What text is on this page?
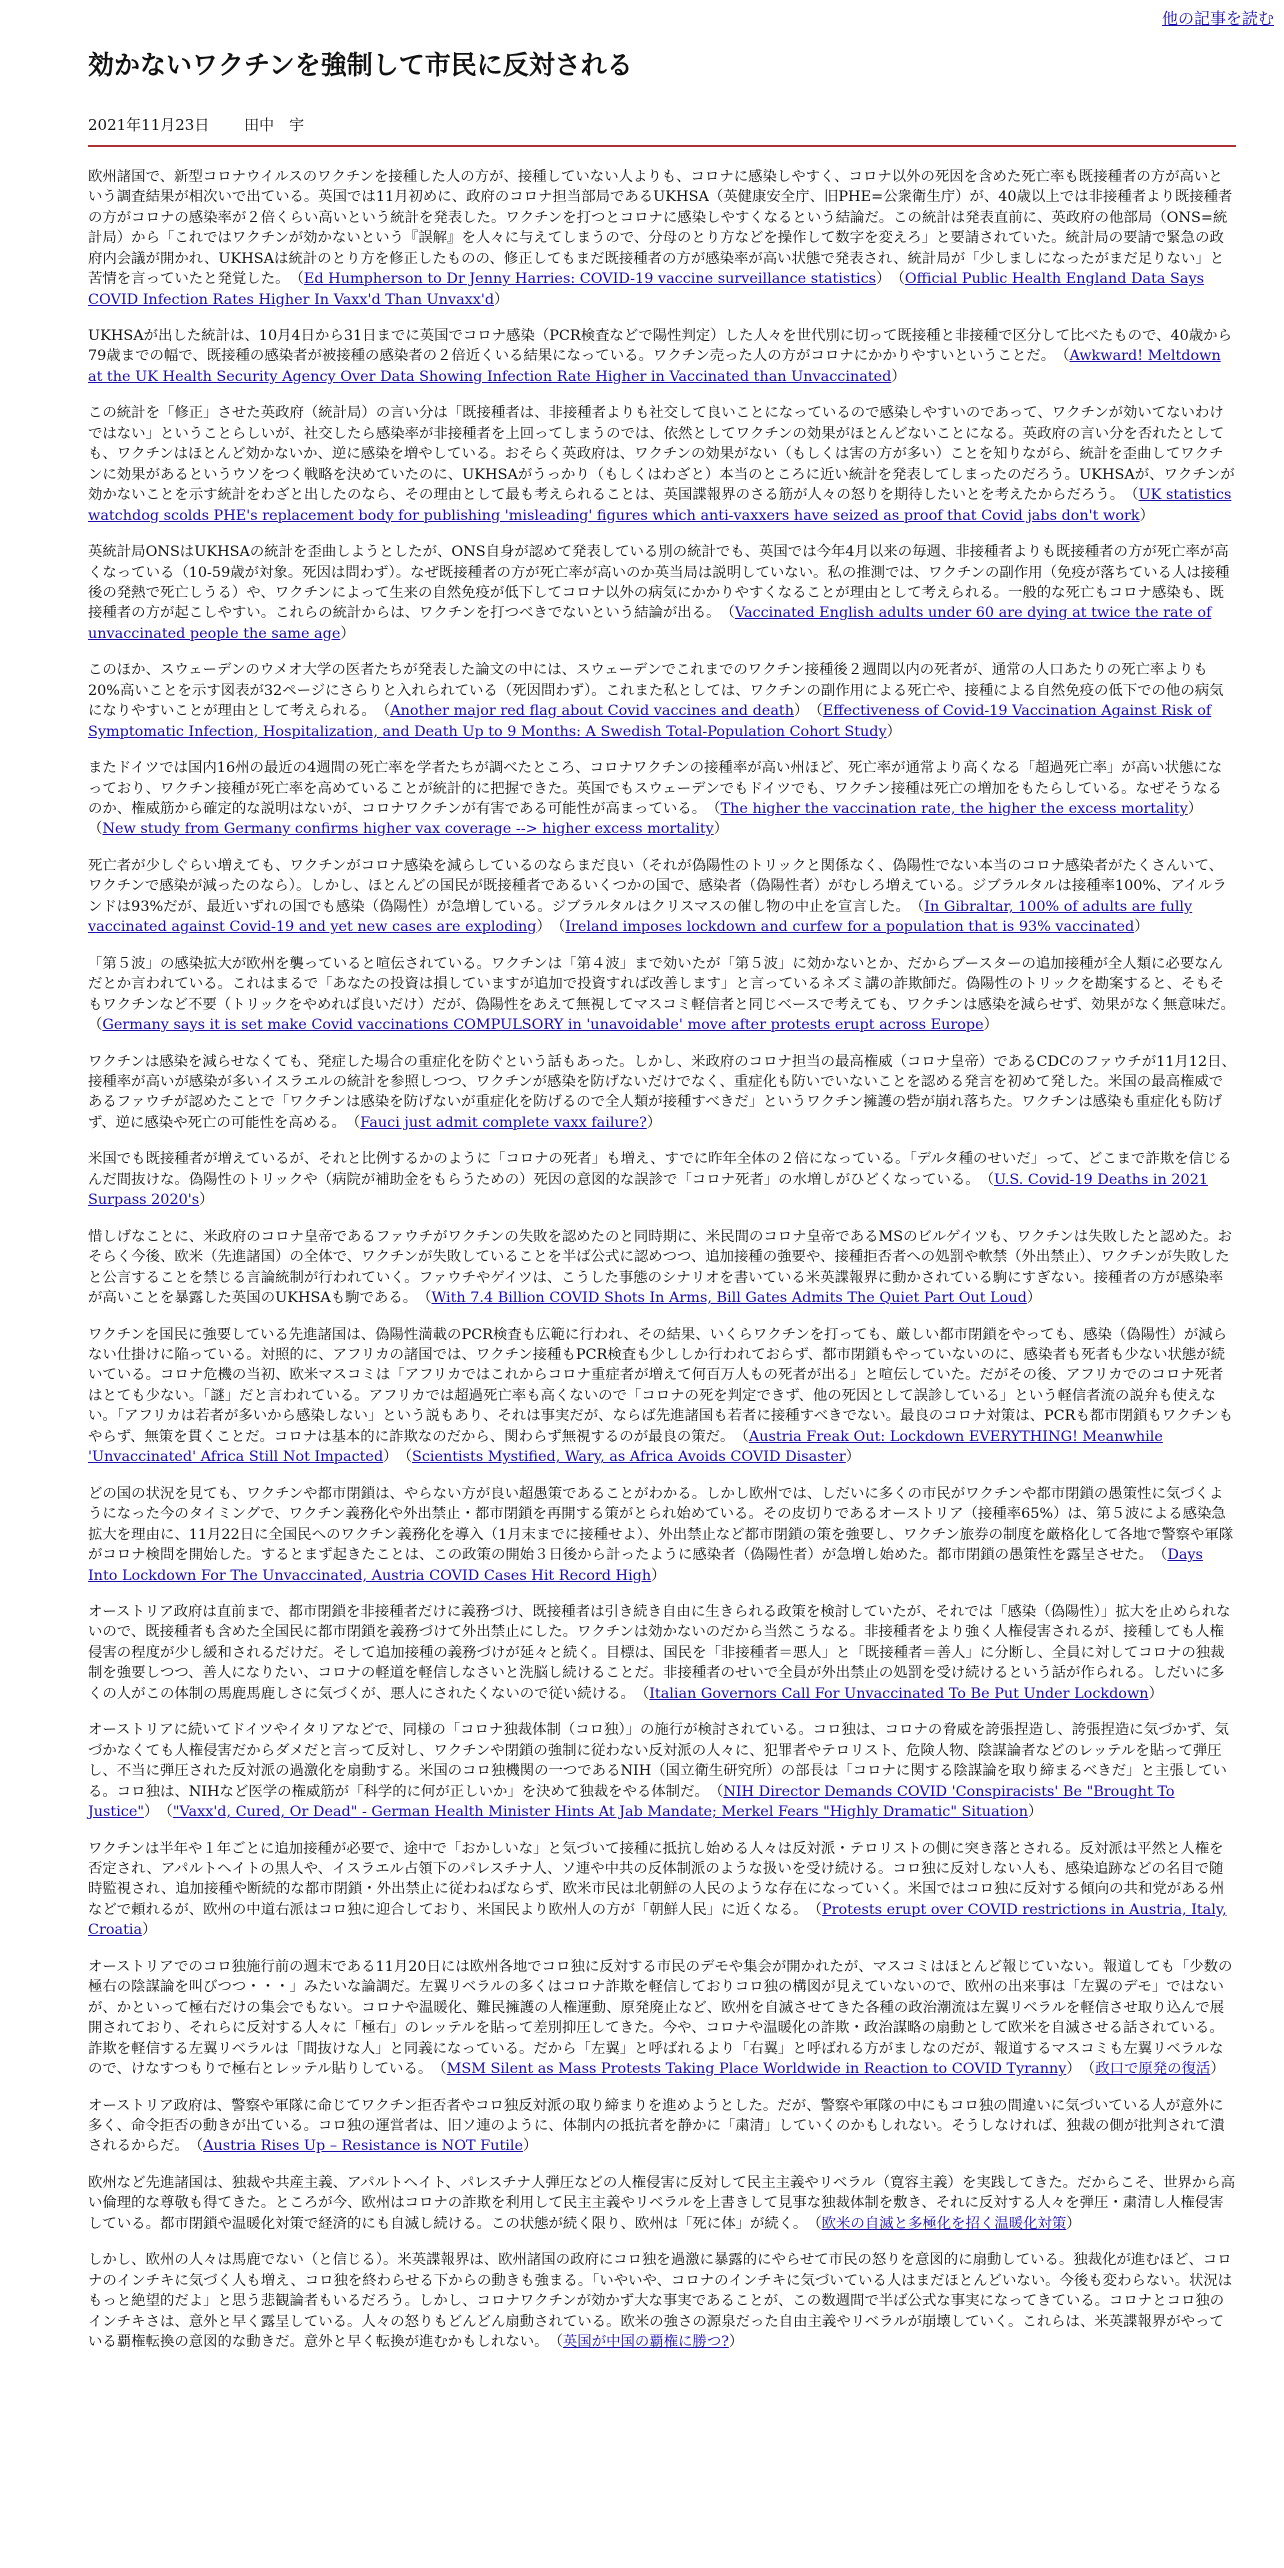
他の記事を読む
効かないワクチンを強制して市民に反対される
2021年11月23日 田中　宇

欧州諸国で、新型コロナウイルスのワクチンを接種した人の方が、接種していない人よりも、コロナに感染しやすく、コロナ以外の死因を含めた死亡率も既接種者の方が高いという調査結果が相次いで出ている。英国では11月初めに、政府のコロナ担当部局であるUKHSA（英健康安全庁、旧PHE=公衆衛生庁）が、40歳以上では非接種者より既接種者の方がコロナの感染率が２倍くらい高いという統計を発表した。ワクチンを打つとコロナに感染しやすくなるという結論だ。この統計は発表直前に、英政府の他部局（ONS=統計局）から「これではワクチンが効かないという『誤解』を人々に与えてしまうので、分母のとり方などを操作して数字を変えろ」と要請されていた。統計局の要請で緊急の政府内会議が開かれ、UKHSAは統計のとり方を修正したものの、修正してもまだ既接種者の方が感染率が高い状態で発表され、統計局が「少しましになったがまだ足りない」と苦情を言っていたと発覚した。　（Ed Humpherson to Dr Jenny Harries: COVID-19 vaccine surveillance statistics）　（Official Public Health England Data Says COVID Infection Rates Higher In Vaxx'd Than Unvaxx'd）

UKHSAが出した統計は、10月4日から31日までに英国でコロナ感染（PCR検査などで陽性判定）した人々を世代別に切って既接種と非接種で区分して比べたもので、40歳から79歳までの幅で、既接種の感染者が被接種の感染者の２倍近くいる結果になっている。ワクチン売った人の方がコロナにかかりやすいということだ。　（Awkward! Meltdown at the UK Health Security Agency Over Data Showing Infection Rate Higher in Vaccinated than Unvaccinated）

この統計を「修正」させた英政府（統計局）の言い分は「既接種者は、非接種者よりも社交して良いことになっているので感染しやすいのであって、ワクチンが効いてないわけではない」ということらしいが、社交したら感染率が非接種者を上回ってしまうのでは、依然としてワクチンの効果がほとんどないことになる。英政府の言い分を否れたとしても、ワクチンはほとんど効かないか、逆に感染を増やしている。おそらく英政府は、ワクチンの効果がない（もしくは害の方が多い）ことを知りながら、統計を歪曲してワクチンに効果があるというウソをつく戦略を決めていたのに、UKHSAがうっかり（もしくはわざと）本当のところに近い統計を発表してしまったのだろう。UKHSAが、ワクチンが効かないことを示す統計をわざと出したのなら、その理由として最も考えられることは、英国諜報界のさる筋が人々の怒りを期待したいとを考えたからだろう。　（UK statistics watchdog scolds PHE's replacement body for publishing 'misleading' figures which anti-vaxxers have seized as proof that Covid jabs don't work）

英統計局ONSはUKHSAの統計を歪曲しようとしたが、ONS自身が認めて発表している別の統計でも、英国では今年4月以来の毎週、非接種者よりも既接種者の方が死亡率が高くなっている（10-59歳が対象。死因は問わず）。なぜ既接種者の方が死亡率が高いのか英当局は説明していない。私の推測では、ワクチンの副作用（免疫が落ちている人は接種後の発熱で死亡しうる）や、ワクチンによって生来の自然免疫が低下してコロナ以外の病気にかかりやすくなることが理由として考えられる。一般的な死亡もコロナ感染も、既接種者の方が起こしやすい。これらの統計からは、ワクチンを打つべきでないという結論が出る。　（Vaccinated English adults under 60 are dying at twice the rate of unvaccinated people the same age）

このほか、スウェーデンのウメオ大学の医者たちが発表した論文の中には、スウェーデンでこれまでのワクチン接種後２週間以内の死者が、通常の人口あたりの死亡率よりも20%高いことを示す図表が32ページにさらりと入れられている（死因問わず）。これまた私としては、ワクチンの副作用による死亡や、接種による自然免疫の低下での他の病気になりやすいことが理由として考えられる。　（Another major red flag about Covid vaccines and death）　（Effectiveness of Covid-19 Vaccination Against Risk of Symptomatic Infection, Hospitalization, and Death Up to 9 Months: A Swedish Total-Population Cohort Study）

またドイツでは国内16州の最近の4週間の死亡率を学者たちが調べたところ、コロナワクチンの接種率が高い州ほど、死亡率が通常より高くなる「超過死亡率」が高い状態になっており、ワクチン接種が死亡率を高めていることが統計的に把握できた。英国でもスウェーデンでもドイツでも、ワクチン接種は死亡の増加をもたらしている。なぜそうなるのか、権威筋から確定的な説明はないが、コロナワクチンが有害である可能性が高まっている。　（The higher the vaccination rate, the higher the excess mortality）　（New study from Germany confirms higher vax coverage --> higher excess mortality）

死亡者が少しぐらい増えても、ワクチンがコロナ感染を減らしているのならまだ良い（それが偽陽性のトリックと関係なく、偽陽性でない本当のコロナ感染者がたくさんいて、ワクチンで感染が減ったのなら）。しかし、ほとんどの国民が既接種者であるいくつかの国で、感染者（偽陽性者）がむしろ増えている。ジブラルタルは接種率100%、アイルランドは93%だが、最近いずれの国でも感染（偽陽性）が急増している。ジブラルタルはクリスマスの催し物の中止を宣言した。　（In Gibraltar, 100% of adults are fully vaccinated against Covid-19 and yet new cases are exploding）　（Ireland imposes lockdown and curfew for a population that is 93% vaccinated）

「第５波」の感染拡大が欧州を襲っていると喧伝されている。ワクチンは「第４波」まで効いたが「第５波」に効かないとか、だからブースターの追加接種が全人類に必要なんだとか言われている。これはまるで「あなたの投資は損していますが追加で投資すれば改善します」と言っているネズミ講の詐欺師だ。偽陽性のトリックを勘案すると、そもそもワクチンなど不要（トリックをやめれば良いだけ）だが、偽陽性をあえて無視してマスコミ軽信者と同じベースで考えても、ワクチンは感染を減らせず、効果がなく無意味だ。　（Germany says it is set make Covid vaccinations COMPULSORY in 'unavoidable' move after protests erupt across Europe）

ワクチンは感染を減らせなくても、発症した場合の重症化を防ぐという話もあった。しかし、米政府のコロナ担当の最高権威（コロナ皇帝）であるCDCのファウチが11月12日、接種率が高いが感染が多いイスラエルの統計を参照しつつ、ワクチンが感染を防げないだけでなく、重症化も防いでいないことを認める発言を初めて発した。米国の最高権威であるファウチが認めたことで「ワクチンは感染を防げないが重症化を防げるので全人類が接種すべきだ」というワクチン擁護の砦が崩れ落ちた。ワクチンは感染も重症化も防げず、逆に感染や死亡の可能性を高める。　（Fauci just admit complete vaxx failure?）

米国でも既接種者が増えているが、それと比例するかのように「コロナの死者」も増え、すでに昨年全体の２倍になっている。「デルタ種のせいだ」って、どこまで詐欺を信じるんだ間抜けな。偽陽性のトリックや（病院が補助金をもらうための）死因の意図的な誤診で「コロナ死者」の水増しがひどくなっている。　（U.S. Covid-19 Deaths in 2021 Surpass 2020's）

惜しげなことに、米政府のコロナ皇帝であるファウチがワクチンの失敗を認めたのと同時期に、米民間のコロナ皇帝であるMSのビルゲイツも、ワクチンは失敗したと認めた。おそらく今後、欧米（先進諸国）の全体で、ワクチンが失敗していることを半ば公式に認めつつ、追加接種の強要や、接種拒否者への処罰や軟禁（外出禁止）、ワクチンが失敗したと公言することを禁じる言論統制が行われていく。ファウチやゲイツは、こうした事態のシナリオを書いている米英諜報界に動かされている駒にすぎない。接種者の方が感染率が高いことを暴露した英国のUKHSAも駒である。　（With 7.4 Billion COVID Shots In Arms, Bill Gates Admits The Quiet Part Out Loud）

ワクチンを国民に強要している先進諸国は、偽陽性満載のPCR検査も広範に行われ、その結果、いくらワクチンを打っても、厳しい都市閉鎖をやっても、感染（偽陽性）が減らない仕掛けに陥っている。対照的に、アフリカの諸国では、ワクチン接種もPCR検査も少ししか行われておらず、都市閉鎖もやっていないのに、感染者も死者も少ない状態が続いている。コロナ危機の当初、欧米マスコミは「アフリカではこれからコロナ重症者が増えて何百万人もの死者が出る」と喧伝していた。だがその後、アフリカでのコロナ死者はとても少ない。「謎」だと言われている。アフリカでは超過死亡率も高くないので「コロナの死を判定できず、他の死因として誤診している」という軽信者流の説弁も使えない。「アフリカは若者が多いから感染しない」という説もあり、それは事実だが、ならば先進諸国も若者に接種すべきでない。最良のコロナ対策は、PCRも都市閉鎖もワクチンもやらず、無策を貫くことだ。コロナは基本的に詐欺なのだから、関わらず無視するのが最良の策だ。　（Austria Freak Out: Lockdown EVERYTHING! Meanwhile 'Unvaccinated' Africa Still Not Impacted）　（Scientists Mystified, Wary, as Africa Avoids COVID Disaster）

どの国の状況を見ても、ワクチンや都市閉鎖は、やらない方が良い超愚策であることがわかる。しかし欧州では、しだいに多くの市民がワクチンや都市閉鎖の愚策性に気づくようになった今のタイミングで、ワクチン義務化や外出禁止・都市閉鎖を再開する策がとられ始めている。その皮切りであるオーストリア（接種率65%）は、第５波による感染急拡大を理由に、11月22日に全国民へのワクチン義務化を導入（1月末までに接種せよ）、外出禁止など都市閉鎖の策を強要し、ワクチン旅券の制度を厳格化して各地で警察や軍隊がコロナ検問を開始した。するとまず起きたことは、この政策の開始３日後から計ったように感染者（偽陽性者）が急増し始めた。都市閉鎖の愚策性を露呈させた。　（Days Into Lockdown For The Unvaccinated, Austria COVID Cases Hit Record High）

オーストリア政府は直前まで、都市閉鎖を非接種者だけに義務づけ、既接種者は引き続き自由に生きられる政策を検討していたが、それでは「感染（偽陽性）」拡大を止められないので、既接種者も含めた全国民に都市閉鎖を義務づけて外出禁止にした。ワクチンは効かないのだから当然こうなる。非接種者をより強く人権侵害されるが、接種しても人権侵害の程度が少し緩和されるだけだ。そして追加接種の義務づけが延々と続く。目標は、国民を「非接種者＝悪人」と「既接種者＝善人」に分断し、全員に対してコロナの独裁制を強要しつつ、善人になりたい、コロナの軽道を軽信しなさいと洗脳し続けることだ。非接種者のせいで全員が外出禁止の処罰を受け続けるという話が作られる。しだいに多くの人がこの体制の馬鹿馬鹿しさに気づくが、悪人にされたくないので従い続ける。　（Italian Governors Call For Unvaccinated To Be Put Under Lockdown）

オーストリアに続いてドイツやイタリアなどで、同様の「コロナ独裁体制（コロ独）」の施行が検討されている。コロ独は、コロナの脅威を誇張捏造し、誇張捏造に気づかず、気づかなくても人権侵害だからダメだと言って反対し、ワクチンや閉鎖の強制に従わない反対派の人々に、犯罪者やテロリスト、危険人物、陰謀論者などのレッテルを貼って弾圧し、不当に弾圧された反対派の過激化を扇動する。米国のコロ独機関の一つであるNIH（国立衛生研究所）の部長は「コロナに関する陰謀論を取り締まるべきだ」と主張している。コロ独は、NIHなど医学の権威筋が「科学的に何が正しいか」を決めて独裁をやる体制だ。　（NIH Director Demands COVID 'Conspiracists' Be "Brought To Justice"）　（"Vaxx'd, Cured, Or Dead" - German Health Minister Hints At Jab Mandate; Merkel Fears "Highly Dramatic" Situation）

ワクチンは半年や１年ごとに追加接種が必要で、途中で「おかしいな」と気づいて接種に抵抗し始める人々は反対派・テロリストの側に突き落とされる。反対派は平然と人権を否定され、アパルトヘイトの黒人や、イスラエル占領下のパレスチナ人、ソ連や中共の反体制派のような扱いを受け続ける。コロ独に反対しない人も、感染追跡などの名目で随時監視され、追加接種や断続的な都市閉鎖・外出禁止に従わねばならず、欧米市民は北朝鮮の人民のような存在になっていく。米国ではコロ独に反対する傾向の共和党がある州などで頼れるが、欧州の中道右派はコロ独に迎合しており、米国民より欧州人の方が「朝鮮人民」に近くなる。　（Protests erupt over COVID restrictions in Austria, Italy, Croatia）

オーストリアでのコロ独施行前の週末である11月20日には欧州各地でコロ独に反対する市民のデモや集会が開かれたが、マスコミはほとんど報じていない。報道しても「少数の極右の陰謀論を叫びつつ・・・」みたいな論調だ。左翼リベラルの多くはコロナ詐欺を軽信しておりコロ独の構図が見えていないので、欧州の出来事は「左翼のデモ」ではないが、かといって極右だけの集会でもない。コロナや温暖化、難民擁護の人権運動、原発廃止など、欧州を自滅させてきた各種の政治潮流は左翼リベラルを軽信させ取り込んで展開されており、それらに反対する人々に「極右」のレッテルを貼って差別抑圧してきた。今や、コロナや温暖化の詐欺・政治謀略の扇動として欧米を自滅させる話されている。詐欺を軽信する左翼リベラルは「間抜けな人」と同義になっている。だから「左翼」と呼ばれるより「右翼」と呼ばれる方がましなのだが、報道するマスコミも左翼リベラルなので、けなすつもりで極右とレッテル貼りしている。　（MSM Silent as Mass Protests Taking Place Worldwide in Reaction to COVID Tyranny）　（政口で原発の復活）

オーストリア政府は、警察や軍隊に命じてワクチン拒否者やコロ独反対派の取り締まりを進めようとした。だが、警察や軍隊の中にもコロ独の間違いに気づいている人が意外に多く、命令拒否の動きが出ている。コロ独の運営者は、旧ソ連のように、体制内の抵抗者を静かに「粛清」していくのかもしれない。そうしなければ、独裁の側が批判されて潰されるからだ。　（Austria Rises Up – Resistance is NOT Futile）

欧州など先進諸国は、独裁や共産主義、アパルトヘイト、パレスチナ人弾圧などの人権侵害に反対して民主主義やリベラル（寛容主義）を実践してきた。だからこそ、世界から高い倫理的な尊敬も得てきた。ところが今、欧州はコロナの詐欺を利用して民主主義やリベラルを上書きして見事な独裁体制を敷き、それに反対する人々を弾圧・粛清し人権侵害している。都市閉鎖や温暖化対策で経済的にも自滅し続ける。この状態が続く限り、欧州は「死に体」が続く。　（欧米の自滅と多極化を招く温暖化対策）

しかし、欧州の人々は馬鹿でない（と信じる）。米英諜報界は、欧州諸国の政府にコロ独を過激に暴露的にやらせて市民の怒りを意図的に扇動している。独裁化が進むほど、コロナのインチキに気づく人も増え、コロ独を終わらせる下からの動きも強まる。「いやいや、コロナのインチキに気づいている人はまだほとんどいない。今後も変わらない。状況はもっと絶望的だよ」と思う悲観論者もいるだろう。しかし、コロナワクチンが効かず大な事実であることが、この数週間で半ば公式な事実になってきている。コロナとコロ独のインチキさは、意外と早く露呈している。人々の怒りもどんどん扇動されている。欧米の強さの源泉だった自由主義やリベラルが崩壊していく。これらは、米英諜報界がやっている覇権転換の意図的な動きだ。意外と早く転換が進むかもしれない。　（英国が中国の覇権に勝つ?）
